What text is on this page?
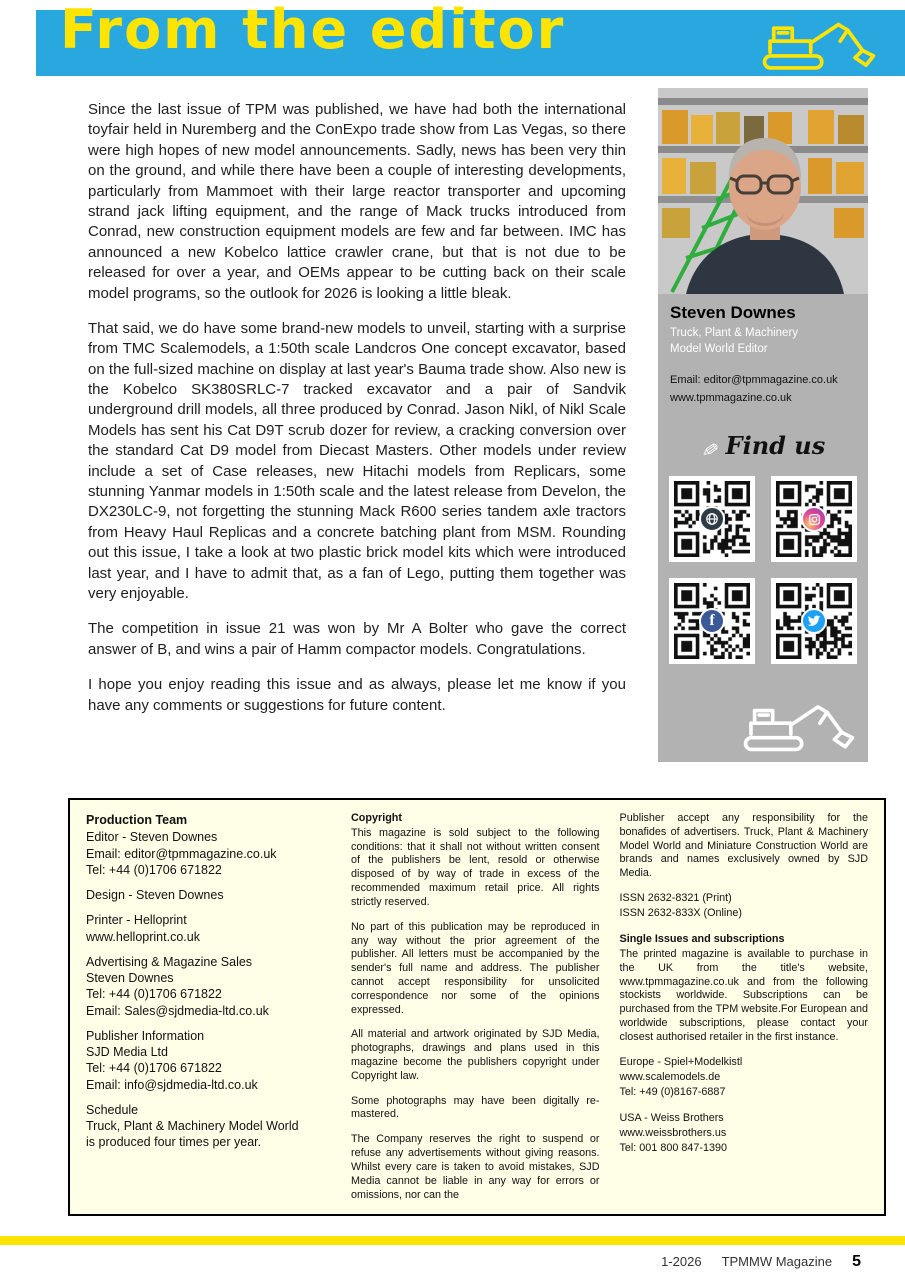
From the editor

Since the last issue of TPM was published, we have had both the international toyfair held in Nuremberg and the ConExpo trade show from Las Vegas, so there were high hopes of new model announcements. Sadly, news has been very thin on the ground, and while there have been a couple of interesting developments, particularly from Mammoet with their large reactor transporter and upcoming strand jack lifting equipment, and the range of Mack trucks introduced from Conrad, new construction equipment models are few and far between. IMC has announced a new Kobelco lattice crawler crane, but that is not due to be released for over a year, and OEMs appear to be cutting back on their scale model programs, so the outlook for 2026 is looking a little bleak.

That said, we do have some brand-new models to unveil, starting with a surprise from TMC Scalemodels, a 1:50th scale Landcros One concept excavator, based on the full-sized machine on display at last year's Bauma trade show. Also new is the Kobelco SK380SRLC-7 tracked excavator and a pair of Sandvik underground drill models, all three produced by Conrad. Jason Nikl, of Nikl Scale Models has sent his Cat D9T scrub dozer for review, a cracking conversion over the standard Cat D9 model from Diecast Masters. Other models under review include a set of Case releases, new Hitachi models from Replicars, some stunning Yanmar models in 1:50th scale and the latest release from Develon, the DX230LC-9, not forgetting the stunning Mack R600 series tandem axle tractors from Heavy Haul Replicas and a concrete batching plant from MSM. Rounding out this issue, I take a look at two plastic brick model kits which were introduced last year, and I have to admit that, as a fan of Lego, putting them together was very enjoyable.

The competition in issue 21 was won by Mr A Bolter who gave the correct answer of B, and wins a pair of Hamm compactor models. Congratulations.

I hope you enjoy reading this issue and as always, please let me know if you have any comments or suggestions for future content.

Steven Downes
Truck, Plant & Machinery Model World Editor
Email: editor@tpmmagazine.co.uk
www.tpmmagazine.co.uk
✎ Find us
f
Production Team
Editor - Steven Downes
Email: editor@tpmmagazine.co.uk
Tel: +44 (0)1706 671822
Design - Steven Downes
Printer - Helloprint
www.helloprint.co.uk
Advertising & Magazine Sales
Steven Downes
Tel: +44 (0)1706 671822
Email: Sales@sjdmedia-ltd.co.uk
Publisher Information
SJD Media Ltd
Tel: +44 (0)1706 671822
Email: info@sjdmedia-ltd.co.uk
Schedule
Truck, Plant & Machinery Model World
is produced four times per year.
Copyright

This magazine is sold subject to the following conditions: that it shall not without written consent of the publishers be lent, resold or otherwise disposed of by way of trade in excess of the recommended maximum retail price. All rights strictly reserved.

No part of this publication may be reproduced in any way without the prior agreement of the publisher. All letters must be accompanied by the sender's full name and address. The publisher cannot accept responsibility for unsolicited correspondence nor some of the opinions expressed.

All material and artwork originated by SJD Media, photographs, drawings and plans used in this magazine become the publishers copyright under Copyright law.

Some photographs may have been digitally re-mastered.

The Company reserves the right to suspend or refuse any advertisements without giving reasons. Whilst every care is taken to avoid mistakes, SJD Media cannot be liable in any way for errors or omissions, nor can the

Publisher accept any responsibility for the bonafides of advertisers. Truck, Plant & Machinery Model World and Miniature Construction World are brands and names exclusively owned by SJD Media.

ISSN 2632-8321 (Print)
ISSN 2632-833X (Online)
Single Issues and subscriptions

The printed magazine is available to purchase in the UK from the title's website, www.tpmmagazine.co.uk and from the following stockists worldwide. Subscriptions can be purchased from the TPM website.For European and worldwide subscriptions, please contact your closest authorised retailer in the first instance.

Europe - Spiel+Modelkistl
www.scalemodels.de
Tel: +49 (0)8167-6887
USA - Weiss Brothers
www.weissbrothers.us
Tel: 001 800 847-1390
1-2026 TPMMW Magazine 5
